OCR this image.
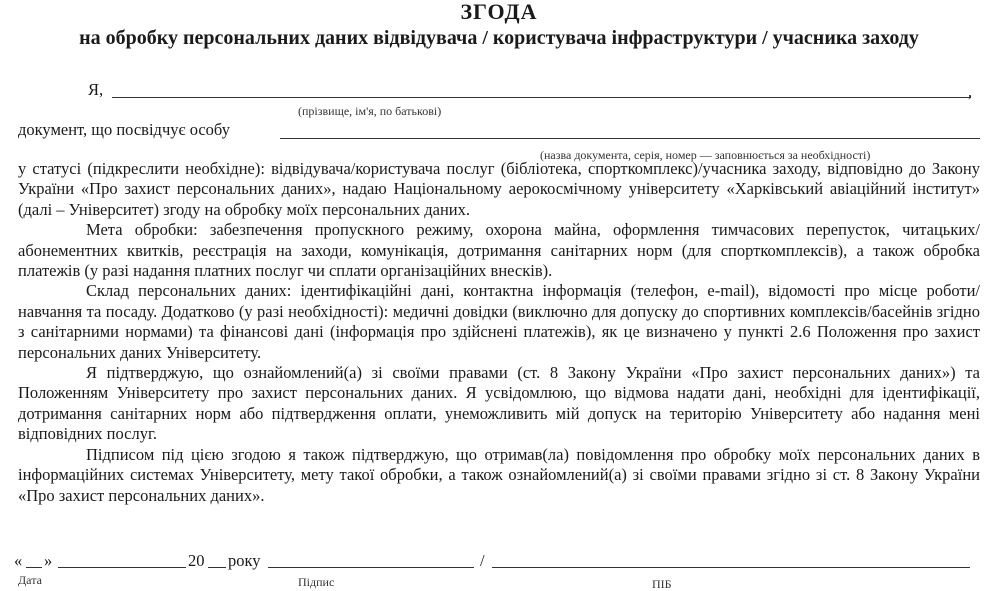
ЗГОДА
на обробку персональних даних відвідувача / користувача інфраструктури / учасника заходу
Я,	,
(прізвище, ім'я, по батькові)
документ, що посвідчує особу
(назва документа, серія, номер — заповнюється за необхідності)

у статусі (підкреслити необхідне): відвідувача/користувача послуг (бібліотека, спорткомплекс)/учасника заходу, відповідно до Закону України «Про захист персональних даних», надаю Національному аерокосмічному університету «Харківський авіаційний інститут» (далі – Університет) згоду на обробку моїх персональних даних.

Мета обробки: забезпечення пропускного режиму, охорона майна, оформлення тимчасових перепусток, читацьких/абонементних квитків, реєстрація на заходи, комунікація, дотримання санітарних норм (для спорткомплексів), а також обробка платежів (у разі надання платних послуг чи сплати організаційних внесків).

Склад персональних даних: ідентифікаційні дані, контактна інформація (телефон, e-mail), відомості про місце роботи/навчання та посаду. Додатково (у разі необхідності): медичні довідки (виключно для допуску до спортивних комплексів/басейнів згідно з санітарними нормами) та фінансові дані (інформація про здійснені платежів), як це визначено у пункті 2.6 Положення про захист персональних даних Університету.

Я підтверджую, що ознайомлений(а) зі своїми правами (ст. 8 Закону України «Про захист персональних даних») та Положенням Університету про захист персональних даних. Я усвідомлюю, що відмова надати дані, необхідні для ідентифікації, дотримання санітарних норм або підтвердження оплати, унеможливить мій допуск на територію Університету або надання мені відповідних послуг.

Підписом під цією згодою я також підтверджую, що отримав(ла) повідомлення про обробку моїх персональних даних в інформаційних системах Університету, мету такої обробки, а також ознайомлений(а) зі своїми правами згідно зі ст. 8 Закону України «Про захист персональних даних».

« »	20 року	/
Дата	Підпис	ПІБ
